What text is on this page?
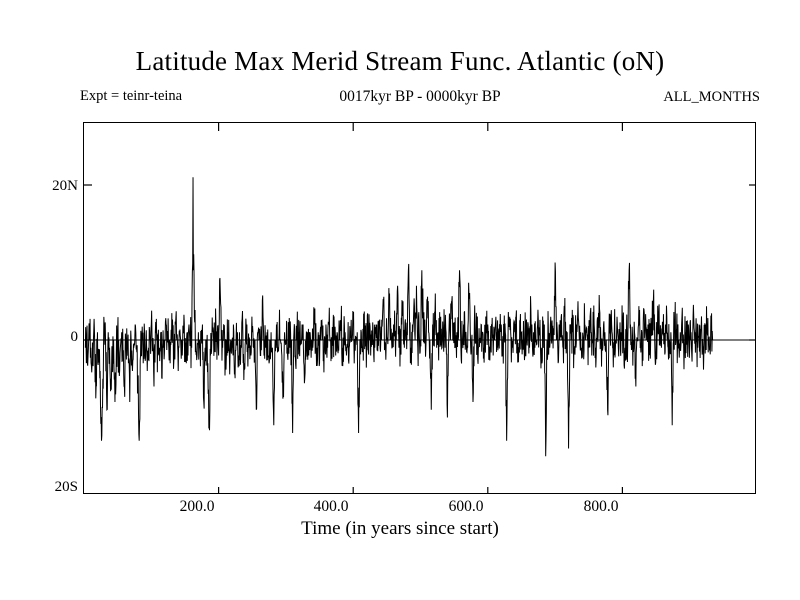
Latitude Max Merid Stream Func. Atlantic (oN)
Expt = teinr-teina	0017kyr BP - 0000kyr BP	ALL_MONTHS
20N
0
20S
200.0	400.0	600.0	800.0
Time (in years since start)
